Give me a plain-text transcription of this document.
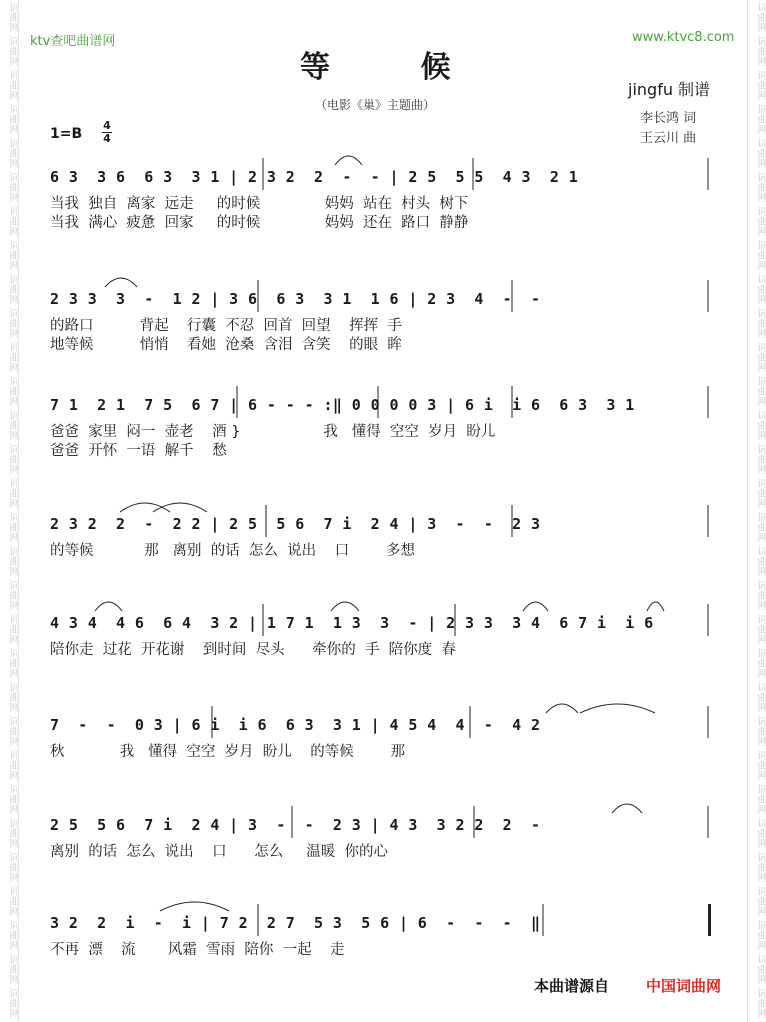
词曲网
词曲网
词曲网
词曲网
词曲网
词曲网
词曲网
词曲网
词曲网
词曲网
词曲网
词曲网
词曲网
词曲网
词曲网
词曲网
词曲网
词曲网
词曲网
词曲网
词曲网
词曲网
词曲网
词曲网
词曲网
词曲网
词曲网
词曲网
词曲网
词曲网
词曲网
词曲网
词曲网
词曲网
词曲网
词曲网
词曲网
词曲网
词曲网
词曲网
词曲网
词曲网
词曲网
词曲网
词曲网
词曲网
词曲网
词曲网
词曲网
词曲网
词曲网
词曲网
词曲网
词曲网
词曲网
词曲网
词曲网
词曲网
词曲网
词曲网
ktv查吧曲谱网	www.ktvc8.com
等 候
（电影《巢》主题曲）
jingfu 制谱
李长鸿 词
王云川 曲
1=B
4
4
6 3  3 6  6 3  3 1 | 2 3 2  2  -  - | 2 5  5 5  4 3  2 1
当我  独自  离家  远走     的时候              妈妈  站在  村头  树下
当我  满心  疲惫  回家     的时候              妈妈  还在  路口  静静
2 3 3  3  -  1 2 | 3 6  6 3  3 1  1 6 | 2 3  4  -  -
的路口          背起    行囊  不忍  回首  回望    挥挥  手
地等候          悄悄    看她  沧桑  含泪  含笑    的眼  眸
7 1  2 1  7 5  6 7 | 6 - - - :‖ 0 0 0 0 3 | 6 i  i 6  6 3  3 1
爸爸  家里  闷一  壶老    酒 }                  我   懂得  空空  岁月  盼儿
爸爸  开怀  一语  解千    愁
2 3 2  2  -  2 2 | 2 5  5 6  7 i  2 4 | 3  -  -  2 3
的等候           那   离别  的话  怎么  说出    口        多想
4 3 4  4 6  6 4  3 2 | 1 7 1  1 3  3  - | 2 3 3  3 4  6 7 i  i 6
陪你走  过花  开花谢    到时间  尽头      牵你的  手  陪你度  春
7  -  -  0 3 | 6 i  i 6  6 3  3 1 | 4 5 4  4  -  4 2
秋            我   懂得  空空  岁月  盼儿    的等候        那
2 5  5 6  7 i  2 4 | 3  -  -  2 3 | 4 3  3 2 2  2  -
离别  的话  怎么  说出    口      怎么     温暖  你的心
3 2  2  i  -  i | 7 2  2 7  5 3  5 6 | 6  -  -  -  ‖
不再  漂    流       风霜  雪雨  陪你  一起    走
本曲谱源自 中国词曲网
